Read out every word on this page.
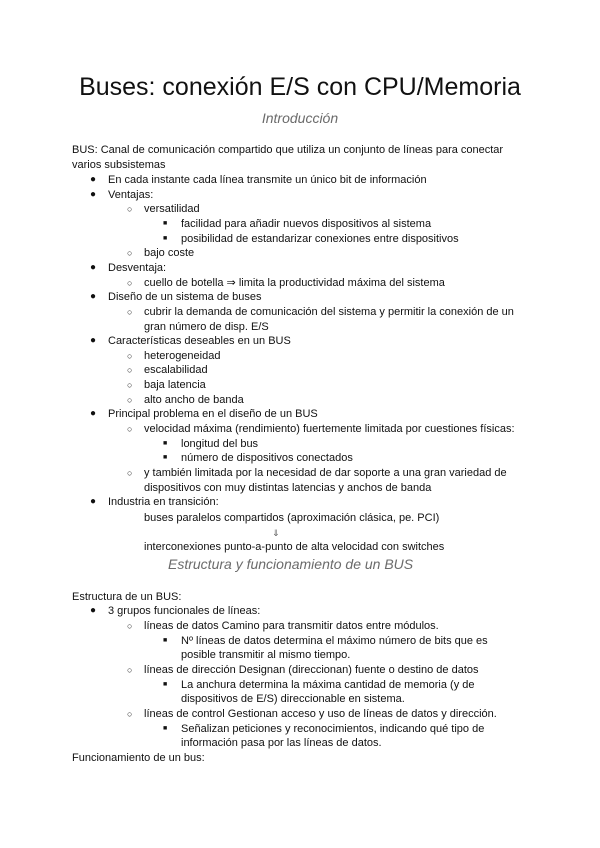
Buses: conexión E/S con CPU/Memoria
Introducción
BUS: Canal de comunicación compartido que utiliza un conjunto de líneas para conectar
varios subsistemas
● En cada instante cada línea transmite un único bit de información
● Ventajas:
○ versatilidad
■ facilidad para añadir nuevos dispositivos al sistema
■ posibilidad de estandarizar conexiones entre dispositivos
○ bajo coste
● Desventaja:
○ cuello de botella ⇒ limita la productividad máxima del sistema
● Diseño de un sistema de buses
○ cubrir la demanda de comunicación del sistema y permitir la conexión de un
gran número de disp. E/S
● Características deseables en un BUS
○ heterogeneidad
○ escalabilidad
○ baja latencia
○ alto ancho de banda
● Principal problema en el diseño de un BUS
○ velocidad máxima (rendimiento) fuertemente limitada por cuestiones físicas:
■ longitud del bus
■ número de dispositivos conectados
○ y también limitada por la necesidad de dar soporte a una gran variedad de
dispositivos con muy distintas latencias y anchos de banda
● Industria en transición:
buses paralelos compartidos (aproximación clásica, pe. PCI)
⇓
interconexiones punto-a-punto de alta velocidad con switches
Estructura y funcionamiento de un BUS
Estructura de un BUS:
● 3 grupos funcionales de líneas:
○ líneas de datos Camino para transmitir datos entre módulos.
■ Nº líneas de datos determina el máximo número de bits que es
posible transmitir al mismo tiempo.
○ líneas de dirección Designan (direccionan) fuente o destino de datos
■ La anchura determina la máxima cantidad de memoria (y de
dispositivos de E/S) direccionable en sistema.
○ líneas de control Gestionan acceso y uso de líneas de datos y dirección.
■ Señalizan peticiones y reconocimientos, indicando qué tipo de
información pasa por las líneas de datos.
Funcionamiento de un bus:
